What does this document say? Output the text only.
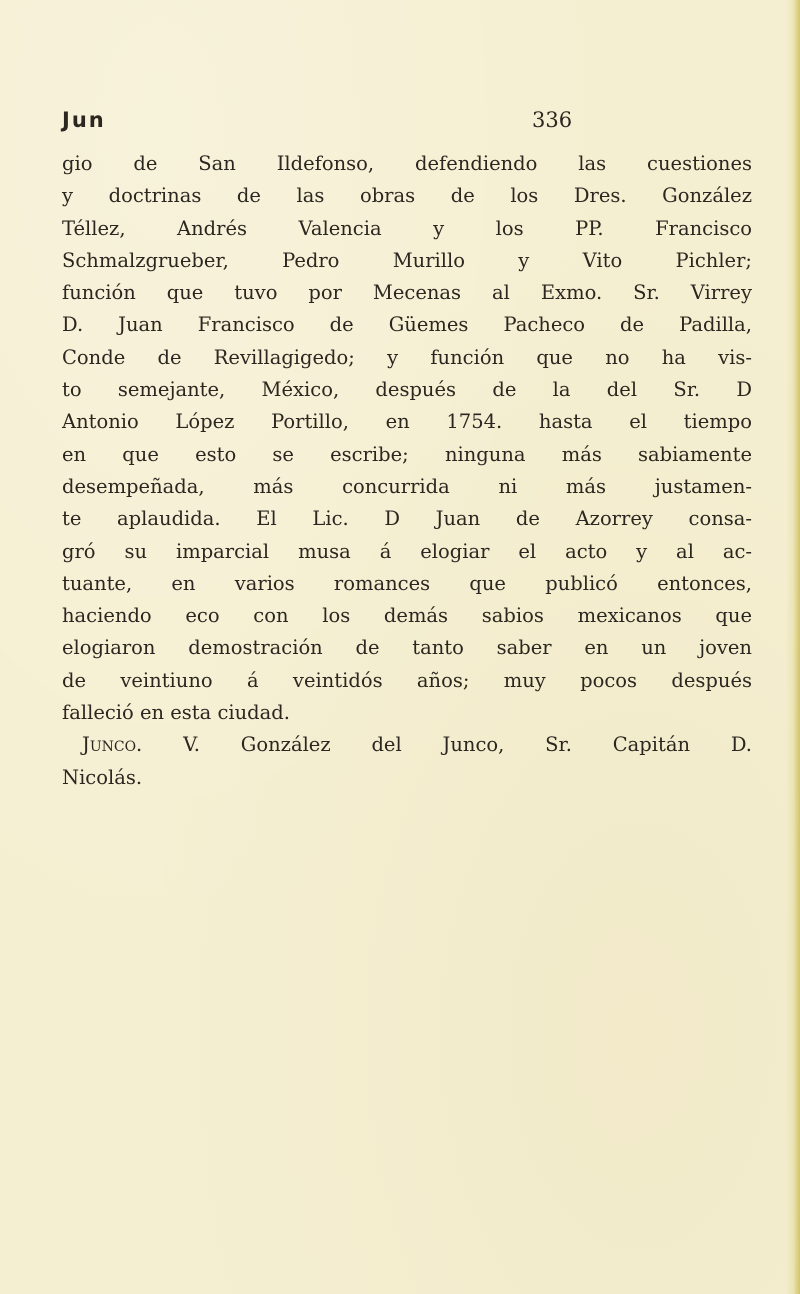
Jun	336
gio de San Ildefonso, defendiendo las cuestiones
y doctrinas de las obras de los Dres. González
Téllez, Andrés Valencia y los PP. Francisco
Schmalzgrueber, Pedro Murillo y Vito Pichler;
función que tuvo por Mecenas al Exmo. Sr. Virrey
D. Juan Francisco de Güemes Pacheco de Padilla,
Conde de Revillagigedo; y función que no ha vis-
to semejante, México, después de la del Sr. D
Antonio López Portillo, en 1754. hasta el tiempo
en que esto se escribe; ninguna más sabiamente
desempeñada, más concurrida ni más justamen-
te aplaudida. El Lic. D Juan de Azorrey consa-
gró su imparcial musa á elogiar el acto y al ac-
tuante, en varios romances que publicó entonces,
haciendo eco con los demás sabios mexicanos que
elogiaron demostración de tanto saber en un joven
de veintiuno á veintidós años; muy pocos después
falleció en esta ciudad.
Junco. V. González del Junco, Sr. Capitán D.
Nicolás.
